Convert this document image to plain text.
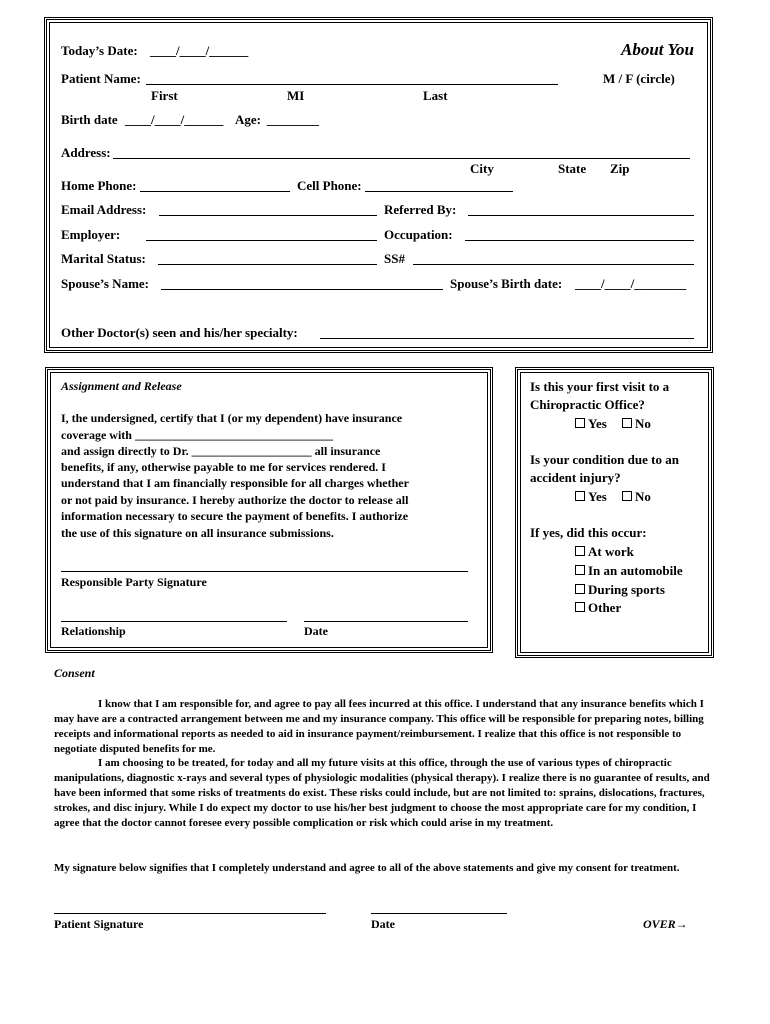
Today’s Date: ____/____/______	About You
Patient Name:	M / F (circle)
First	MI	Last
Birth date ____/____/______ Age: ________
Address:
City	State Zip
Home Phone:	Cell Phone:
Email Address:	Referred By:
Employer:	Occupation:
Marital Status:	SS#
Spouse’s Name:	Spouse’s Birth date: ____/____/________
Other Doctor(s) seen and his/her specialty:
Assignment and Release
I, the undersigned, certify that I (or my dependent) have insurance
coverage with _________________________________
and assign directly to Dr. ____________________ all insurance
benefits, if any, otherwise payable to me for services rendered. I
understand that I am financially responsible for all charges whether
or not paid by insurance. I hereby authorize the doctor to release all
information necessary to secure the payment of benefits. I authorize
the use of this signature on all insurance submissions.
Responsible Party Signature
Relationship	Date
Is this your first visit to a
Chiropractic Office?
Yes	No
Is your condition due to an
accident injury?
Yes	No
If yes, did this occur:
At work
In an automobile
During sports
Other
Consent

I know that I am responsible for, and agree to pay all fees incurred at this office. I understand that any insurance benefits which I may have are a contracted arrangement between me and my insurance company. This office will be responsible for preparing notes, billing receipts and informational reports as needed to aid in insurance payment/reimbursement. I realize that this office is not responsible to negotiate disputed benefits for me.

I am choosing to be treated, for today and all my future visits at this office, through the use of various types of chiropractic manipulations, diagnostic x-rays and several types of physiologic modalities (physical therapy). I realize there is no guarantee of results, and have been informed that some risks of treatments do exist. These risks could include, but are not limited to: sprains, dislocations, fractures, strokes, and disc injury. While I do expect my doctor to use his/her best judgment to choose the most appropriate care for my condition, I agree that the doctor cannot foresee every possible complication or risk which could arise in my treatment.

My signature below signifies that I completely understand and agree to all of the above statements and give my consent for treatment.

Patient Signature	Date	OVER→
